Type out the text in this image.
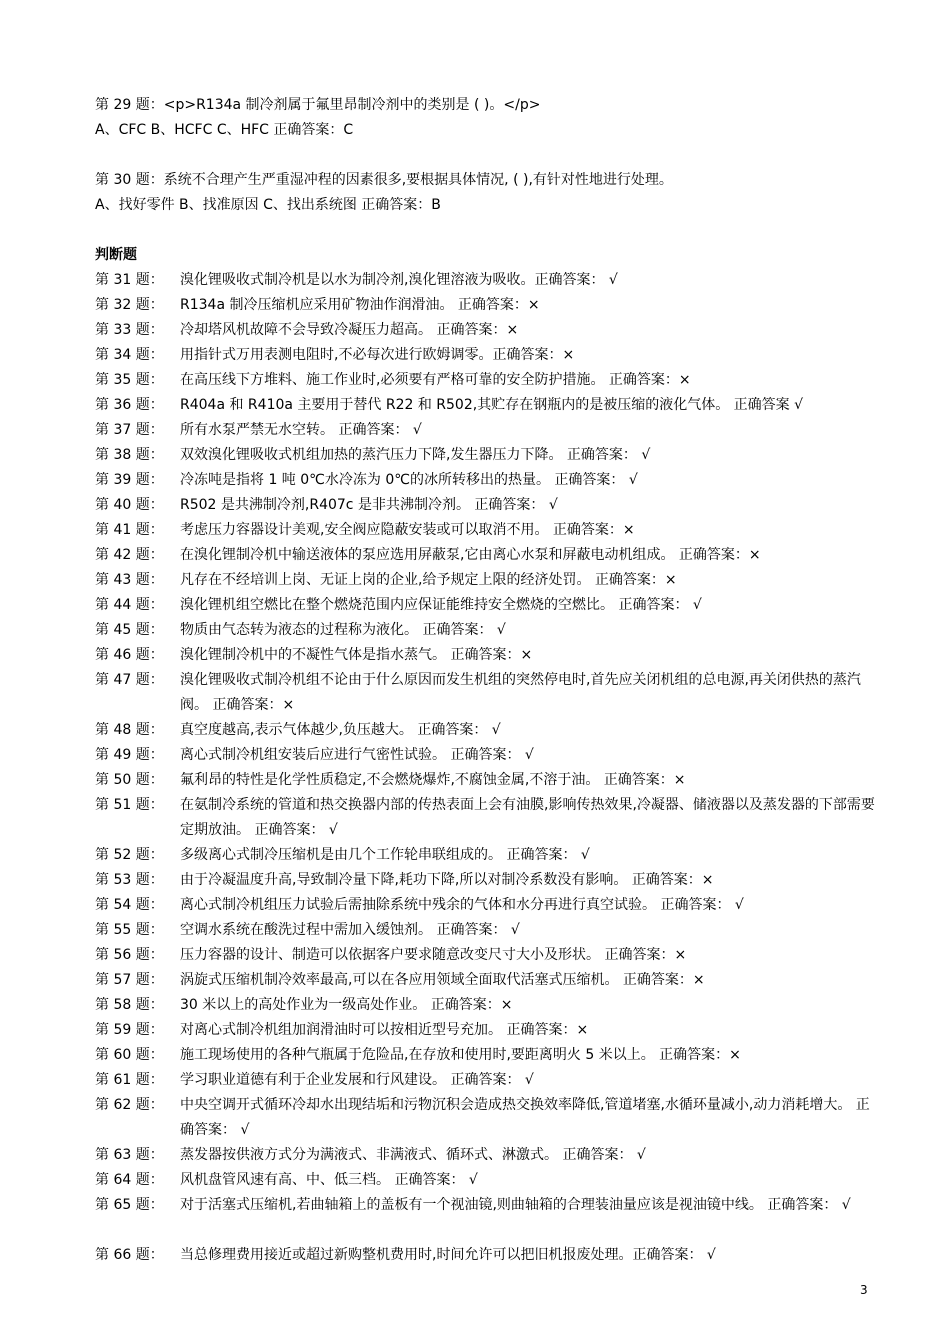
第 29 题：<p>R134a 制冷剂属于氟里昂制冷剂中的类别是 ( )。</p>
A、CFC B、HCFC C、HFC 正确答案：C
第 30 题：系统不合理产生严重湿冲程的因素很多,要根据具体情况, ( ),有针对性地进行处理。
A、找好零件 B、找准原因 C、找出系统图 正确答案：B
判断题
第 31 题： 溴化锂吸收式制冷机是以水为制冷剂,溴化锂溶液为吸收。正确答案： √
第 32 题： R134a 制冷压缩机应采用矿物油作润滑油。 正确答案：×
第 33 题： 冷却塔风机故障不会导致冷凝压力超高。 正确答案：×
第 34 题： 用指针式万用表测电阻时,不必每次进行欧姆调零。正确答案：×
第 35 题： 在高压线下方堆料、施工作业时,必须要有严格可靠的安全防护措施。 正确答案：×
第 36 题： R404a 和 R410a 主要用于替代 R22 和 R502,其贮存在钢瓶内的是被压缩的液化气体。 正确答案 √
第 37 题： 所有水泵严禁无水空转。 正确答案： √
第 38 题： 双效溴化锂吸收式机组加热的蒸汽压力下降,发生器压力下降。 正确答案： √
第 39 题： 冷冻吨是指将 1 吨 0℃水冷冻为 0℃的冰所转移出的热量。 正确答案： √
第 40 题： R502 是共沸制冷剂,R407c 是非共沸制冷剂。 正确答案： √
第 41 题： 考虑压力容器设计美观,安全阀应隐蔽安装或可以取消不用。 正确答案：×
第 42 题： 在溴化锂制冷机中输送液体的泵应选用屏蔽泵,它由离心水泵和屏蔽电动机组成。 正确答案：×
第 43 题： 凡存在不经培训上岗、无证上岗的企业,给予规定上限的经济处罚。 正确答案：×
第 44 题： 溴化锂机组空燃比在整个燃烧范围内应保证能维持安全燃烧的空燃比。 正确答案： √
第 45 题： 物质由气态转为液态的过程称为液化。 正确答案： √
第 46 题： 溴化锂制冷机中的不凝性气体是指水蒸气。 正确答案：×
第 47 题： 溴化锂吸收式制冷机组不论由于什么原因而发生机组的突然停电时,首先应关闭机组的总电源,再关闭供热的蒸汽阀。 正确答案：×
第 48 题： 真空度越高,表示气体越少,负压越大。 正确答案： √
第 49 题： 离心式制冷机组安装后应进行气密性试验。 正确答案： √
第 50 题： 氟利昂的特性是化学性质稳定,不会燃烧爆炸,不腐蚀金属,不溶于油。 正确答案：×
第 51 题： 在氨制冷系统的管道和热交换器内部的传热表面上会有油膜,影响传热效果,冷凝器、储液器以及蒸发器的下部需要定期放油。 正确答案： √
第 52 题： 多级离心式制冷压缩机是由几个工作轮串联组成的。 正确答案： √
第 53 题： 由于冷凝温度升高,导致制冷量下降,耗功下降,所以对制冷系数没有影响。 正确答案：×
第 54 题： 离心式制冷机组压力试验后需抽除系统中残余的气体和水分再进行真空试验。 正确答案： √
第 55 题： 空调水系统在酸洗过程中需加入缓蚀剂。 正确答案： √
第 56 题： 压力容器的设计、制造可以依据客户要求随意改变尺寸大小及形状。 正确答案：×
第 57 题： 涡旋式压缩机制冷效率最高,可以在各应用领域全面取代活塞式压缩机。 正确答案：×
第 58 题： 30 米以上的高处作业为一级高处作业。 正确答案：×
第 59 题： 对离心式制冷机组加润滑油时可以按相近型号充加。 正确答案：×
第 60 题： 施工现场使用的各种气瓶属于危险品,在存放和使用时,要距离明火 5 米以上。 正确答案：×
第 61 题： 学习职业道德有利于企业发展和行风建设。 正确答案： √
第 62 题： 中央空调开式循环冷却水出现结垢和污物沉积会造成热交换效率降低,管道堵塞,水循环量减小,动力消耗增大。 正确答案： √
第 63 题： 蒸发器按供液方式分为满液式、非满液式、循环式、淋激式。 正确答案： √
第 64 题： 风机盘管风速有高、中、低三档。 正确答案： √
第 65 题： 对于活塞式压缩机,若曲轴箱上的盖板有一个视油镜,则曲轴箱的合理装油量应该是视油镜中线。 正确答案： √
第 66 题： 当总修理费用接近或超过新购整机费用时,时间允许可以把旧机报废处理。正确答案： √
3
